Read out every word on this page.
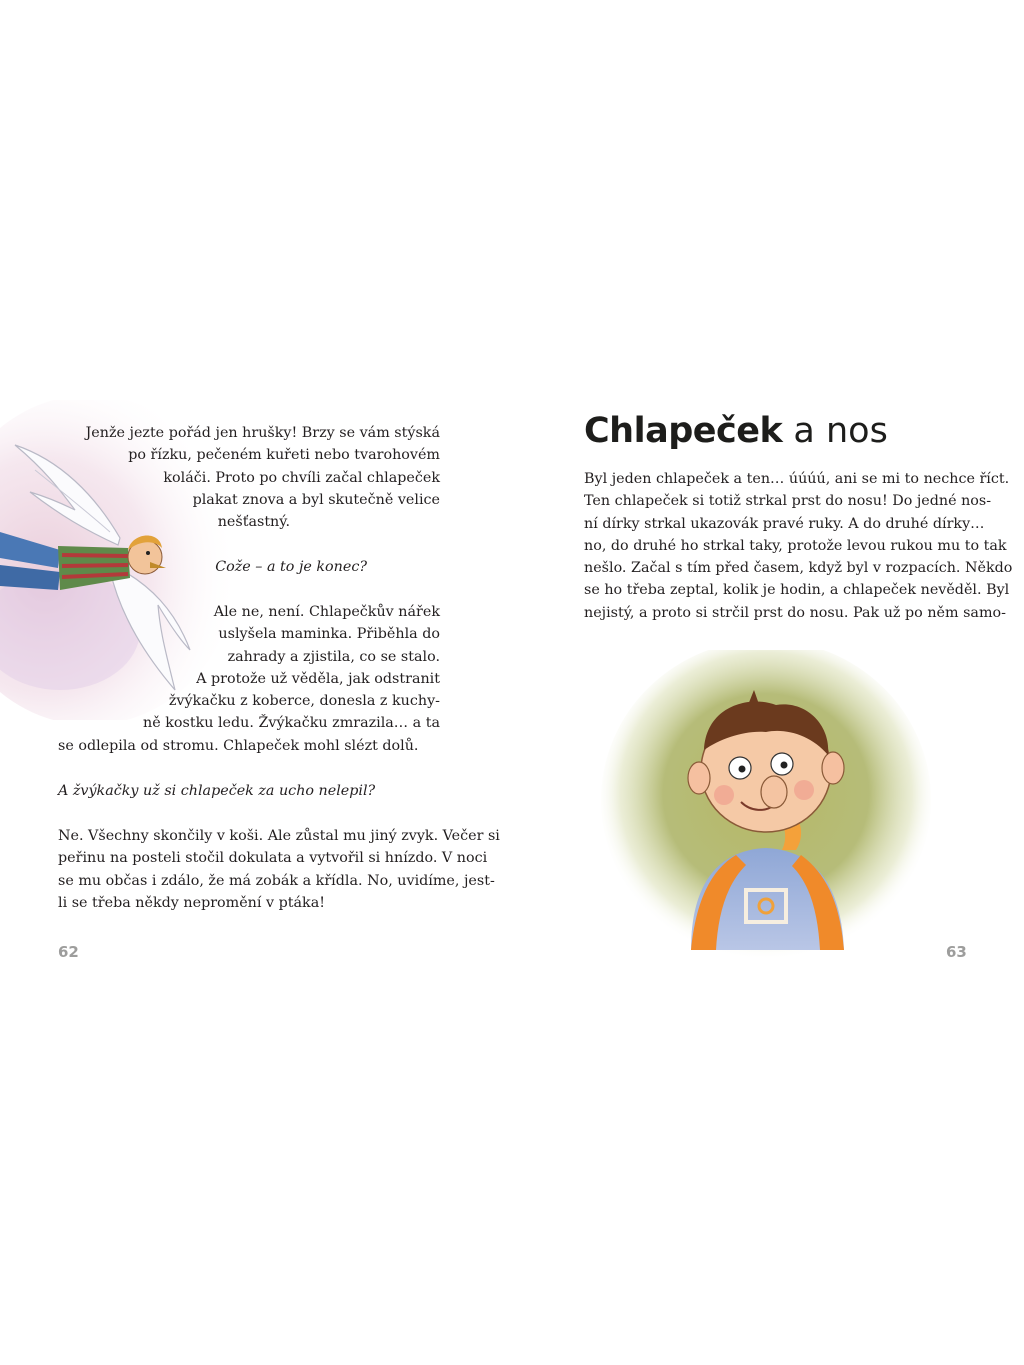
Jenže jezte pořád jen hrušky! Brzy se vám stýská
po řízku, pečeném kuřeti nebo tvarohovém
koláči. Proto po chvíli začal chlapeček
plakat znova a byl skutečně velice
nešťastný.

Cože – a to je konec?

Ale ne, není. Chlapečkův nářek
uslyšela maminka. Přiběhla do
zahrady a zjistila, co se stalo.
A protože už věděla, jak odstranit
žvýkačku z koberce, donesla z kuchy-
ně kostku ledu. Žvýkačku zmrazila… a ta

se odlepila od stromu. Chlapeček mohl slézt dolů.

A žvýkačky už si chlapeček za ucho nelepil?

Ne. Všechny skončily v koši. Ale zůstal mu jiný zvyk. Večer si
peřinu na posteli stočil dokulata a vytvořil si hnízdo. V noci
se mu občas i zdálo, že má zobák a křídla. No, uvidíme, jest-
li se třeba někdy nepromění v ptáka!

62
Chlapeček a nos

Byl jeden chlapeček a ten… úúúú, ani se mi to nechce říct.
Ten chlapeček si totiž strkal prst do nosu! Do jedné nos-
ní dírky strkal ukazovák pravé ruky. A do druhé dírky…
no, do druhé ho strkal taky, protože levou rukou mu to tak
nešlo. Začal s tím před časem, když byl v rozpacích. Někdo
se ho třeba zeptal, kolik je hodin, a chlapeček nevěděl. Byl
nejistý, a proto si strčil prst do nosu. Pak už po něm samo-

63
